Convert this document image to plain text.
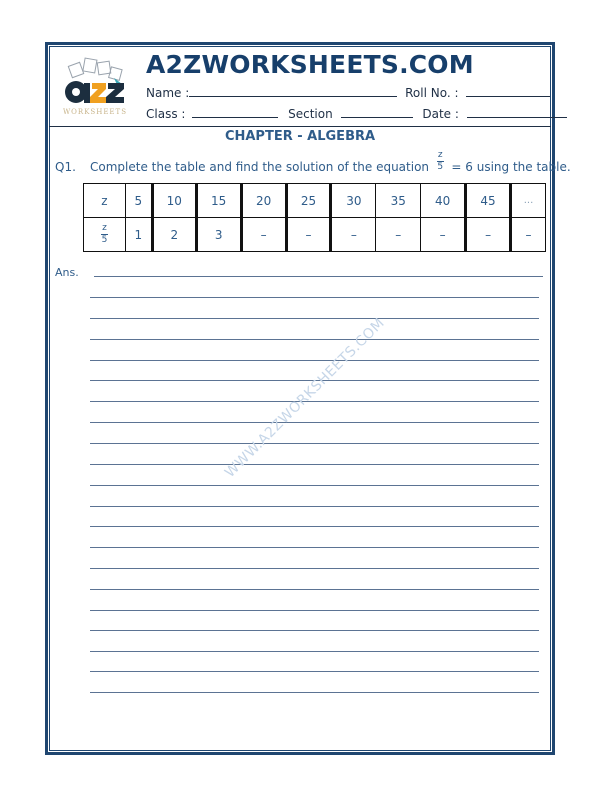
WORKSHEETS
A2ZWORKSHEETS.COM
Name :	Roll No. :
Class :	Section	Date :
CHAPTER - ALGEBRA
Q1. Complete the table and find the solution of the equation $\frac{z}{5} = 6$ using the table.
z	5	10	15	20	25	30	35	40	45	...

$\frac{z}{5}$	1	2	3	–	–	–	–	–	–	–
Ans.
WWW.A2ZWORKSHEETS.COM
